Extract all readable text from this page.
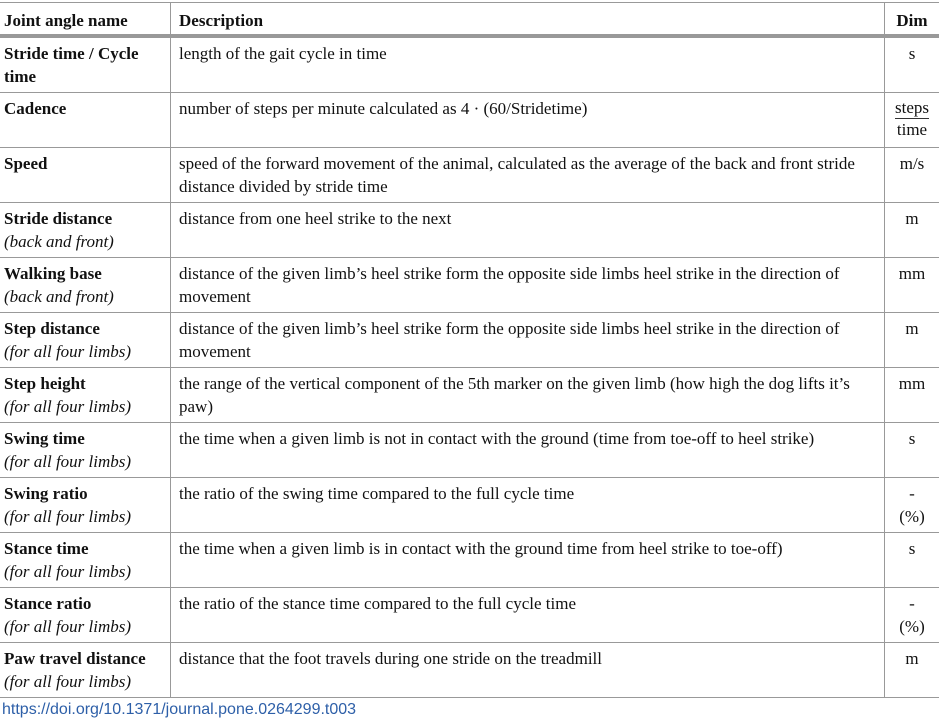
Joint angle name	Description	Dim

Stride time / Cycle time	length of the gait cycle in time	s

Cadence	number of steps per minute calculated as 4 · (60/Stridetime)	$\frac{\text{steps}}{\text{time}}$

Speed	speed of the forward movement of the animal, calculated as the average of the back and front stride distance divided by stride time	m/s

Stride distance
(back and front)	distance from one heel strike to the next	m

Walking base
(back and front)	distance of the given limb’s heel strike form the opposite side limbs heel strike in the direction of movement	mm

Step distance
(for all four limbs)	distance of the given limb’s heel strike form the opposite side limbs heel strike in the direction of movement	m

Step height
(for all four limbs)	the range of the vertical component of the 5th marker on the given limb (how high the dog lifts it’s paw)	mm

Swing time
(for all four limbs)	the time when a given limb is not in contact with the ground (time from toe-off to heel strike)	s

Swing ratio
(for all four limbs)	the ratio of the swing time compared to the full cycle time	-
(%)

Stance time
(for all four limbs)	the time when a given limb is in contact with the ground time from heel strike to toe-off)	s

Stance ratio
(for all four limbs)	the ratio of the stance time compared to the full cycle time	-
(%)

Paw travel distance
(for all four limbs)	distance that the foot travels during one stride on the treadmill	m
https://doi.org/10.1371/journal.pone.0264299.t003
